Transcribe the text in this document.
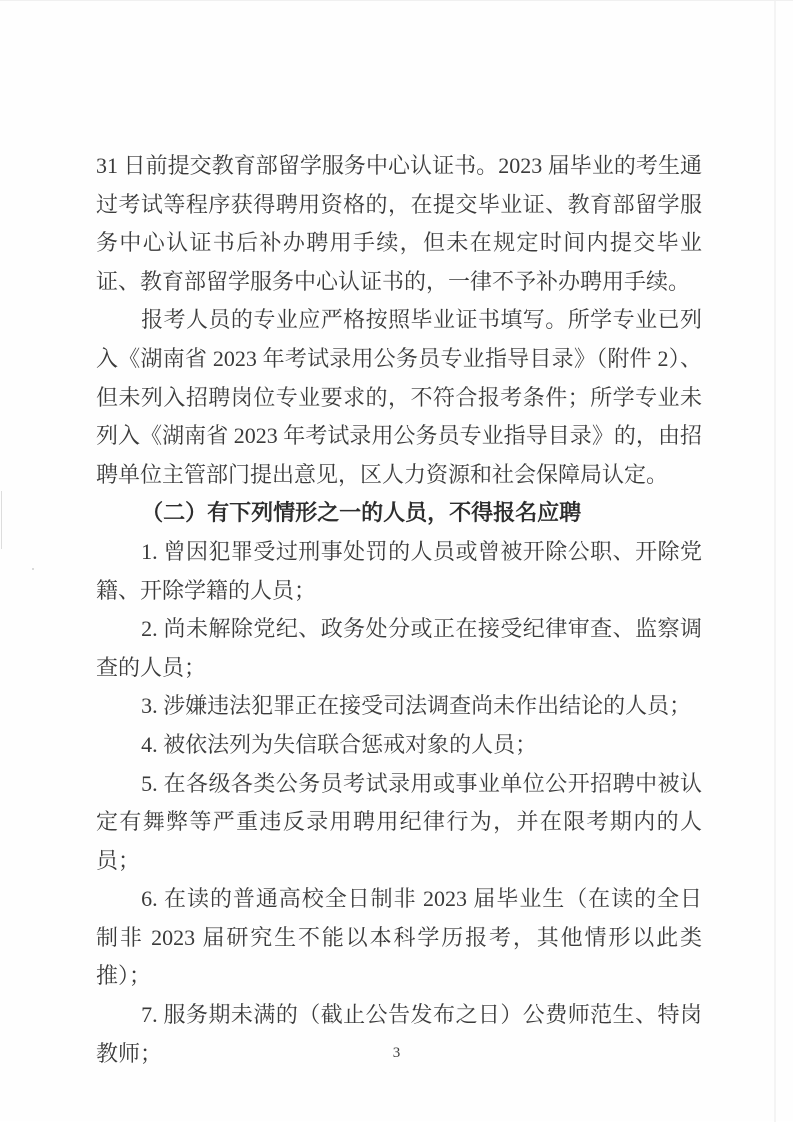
31 日前提交教育部留学服务中心认证书。2023 届毕业的考生通过考试等程序获得聘用资格的，在提交毕业证、教育部留学服务中心认证书后补办聘用手续，但未在规定时间内提交毕业证、教育部留学服务中心认证书的，一律不予补办聘用手续。

报考人员的专业应严格按照毕业证书填写。所学专业已列入《湖南省 2023 年考试录用公务员专业指导目录》（附件 2）、但未列入招聘岗位专业要求的，不符合报考条件；所学专业未列入《湖南省 2023 年考试录用公务员专业指导目录》的，由招聘单位主管部门提出意见，区人力资源和社会保障局认定。

（二）有下列情形之一的人员，不得报名应聘

1. 曾因犯罪受过刑事处罚的人员或曾被开除公职、开除党籍、开除学籍的人员；

2. 尚未解除党纪、政务处分或正在接受纪律审查、监察调查的人员；

3. 涉嫌违法犯罪正在接受司法调查尚未作出结论的人员；

4. 被依法列为失信联合惩戒对象的人员；

5. 在各级各类公务员考试录用或事业单位公开招聘中被认定有舞弊等严重违反录用聘用纪律行为，并在限考期内的人员；

6. 在读的普通高校全日制非 2023 届毕业生（在读的全日制非 2023 届研究生不能以本科学历报考，其他情形以此类推）；

7. 服务期未满的（截止公告发布之日）公费师范生、特岗教师；	3
